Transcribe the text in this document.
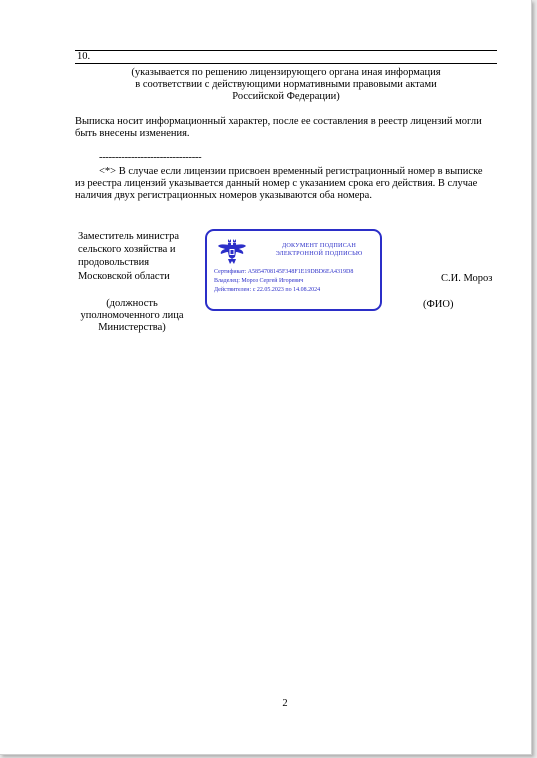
10.
(указывается по решению лицензирующего органа иная информация
в соответствии с действующими нормативными правовыми актами
Российской Федерации)
Выписка носит информационный характер, после ее составления в реестр лицензий могли
быть внесены изменения.
--------------------------------
<*> В случае если лицензии присвоен временный регистрационный номер в выписке
из реестра лицензий указывается данный номер с указанием срока его действия. В случае
наличия двух регистрационных номеров указываются оба номера.
Заместитель министра
сельского хозяйства и
продовольствия
Московской области
ДОКУМЕНТ ПОДПИСАН
ЭЛЕКТРОННОЙ ПОДПИСЬЮ
Сертификат: A5854708145F348F1E19DBD6EA4319D8
Владелец: Мороз Сергей Игоревич
Действителен: с 22.05.2023 по 14.08.2024
С.И. Мороз
(должность
уполномоченного лица
Министерства)
(ФИО)
2
